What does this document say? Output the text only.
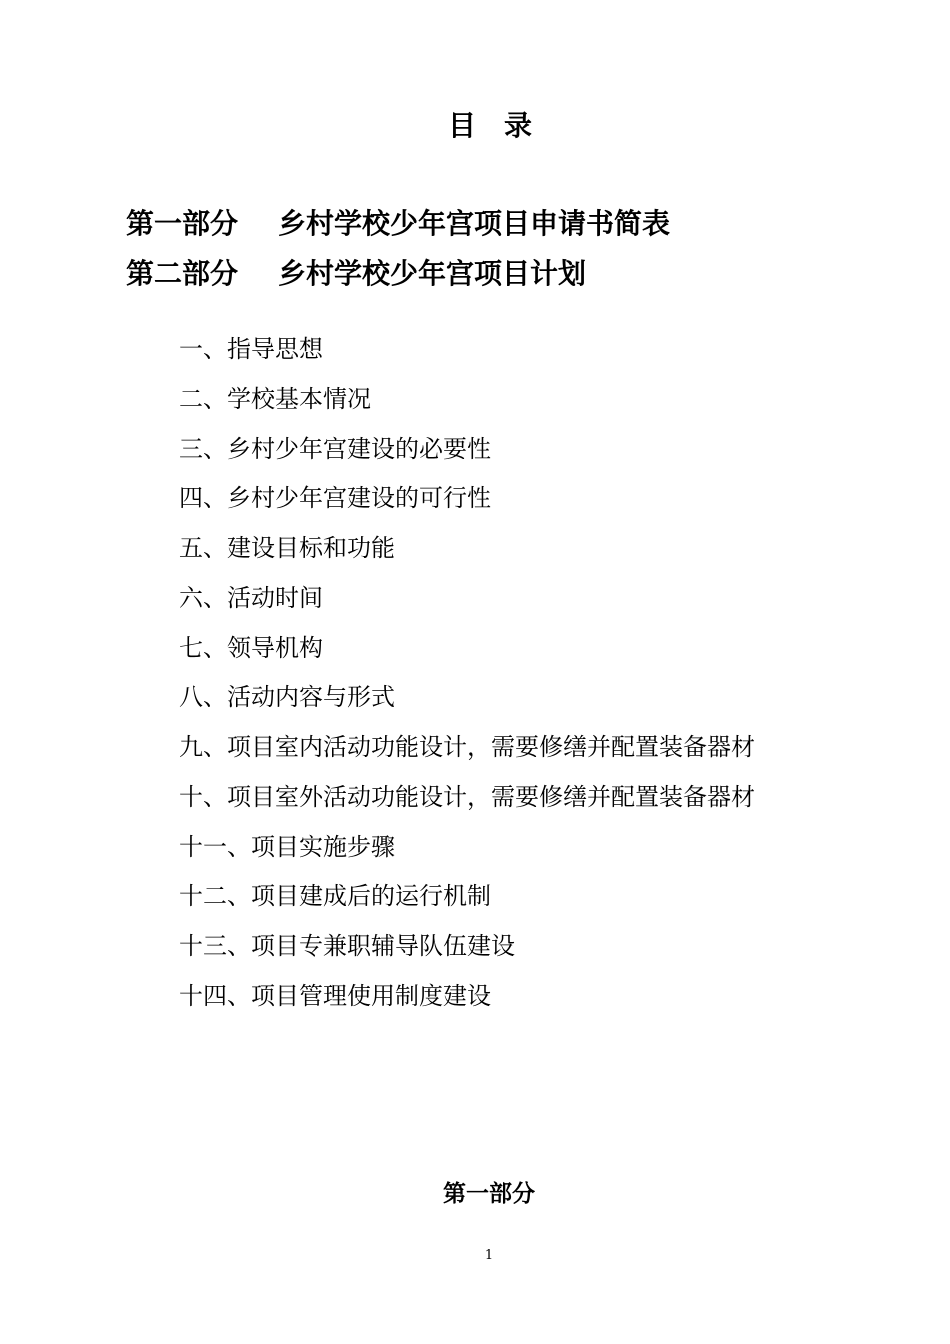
目　录
第一部分 乡村学校少年宫项目申请书简表
第二部分 乡村学校少年宫项目计划
一、指导思想
二、学校基本情况
三、乡村少年宫建设的必要性
四、乡村少年宫建设的可行性
五、建设目标和功能
六、活动时间
七、领导机构
八、活动内容与形式
九、项目室内活动功能设计，需要修缮并配置装备器材
十、项目室外活动功能设计，需要修缮并配置装备器材
十一、项目实施步骤
十二、项目建成后的运行机制
十三、项目专兼职辅导队伍建设
十四、项目管理使用制度建设
第一部分
1
